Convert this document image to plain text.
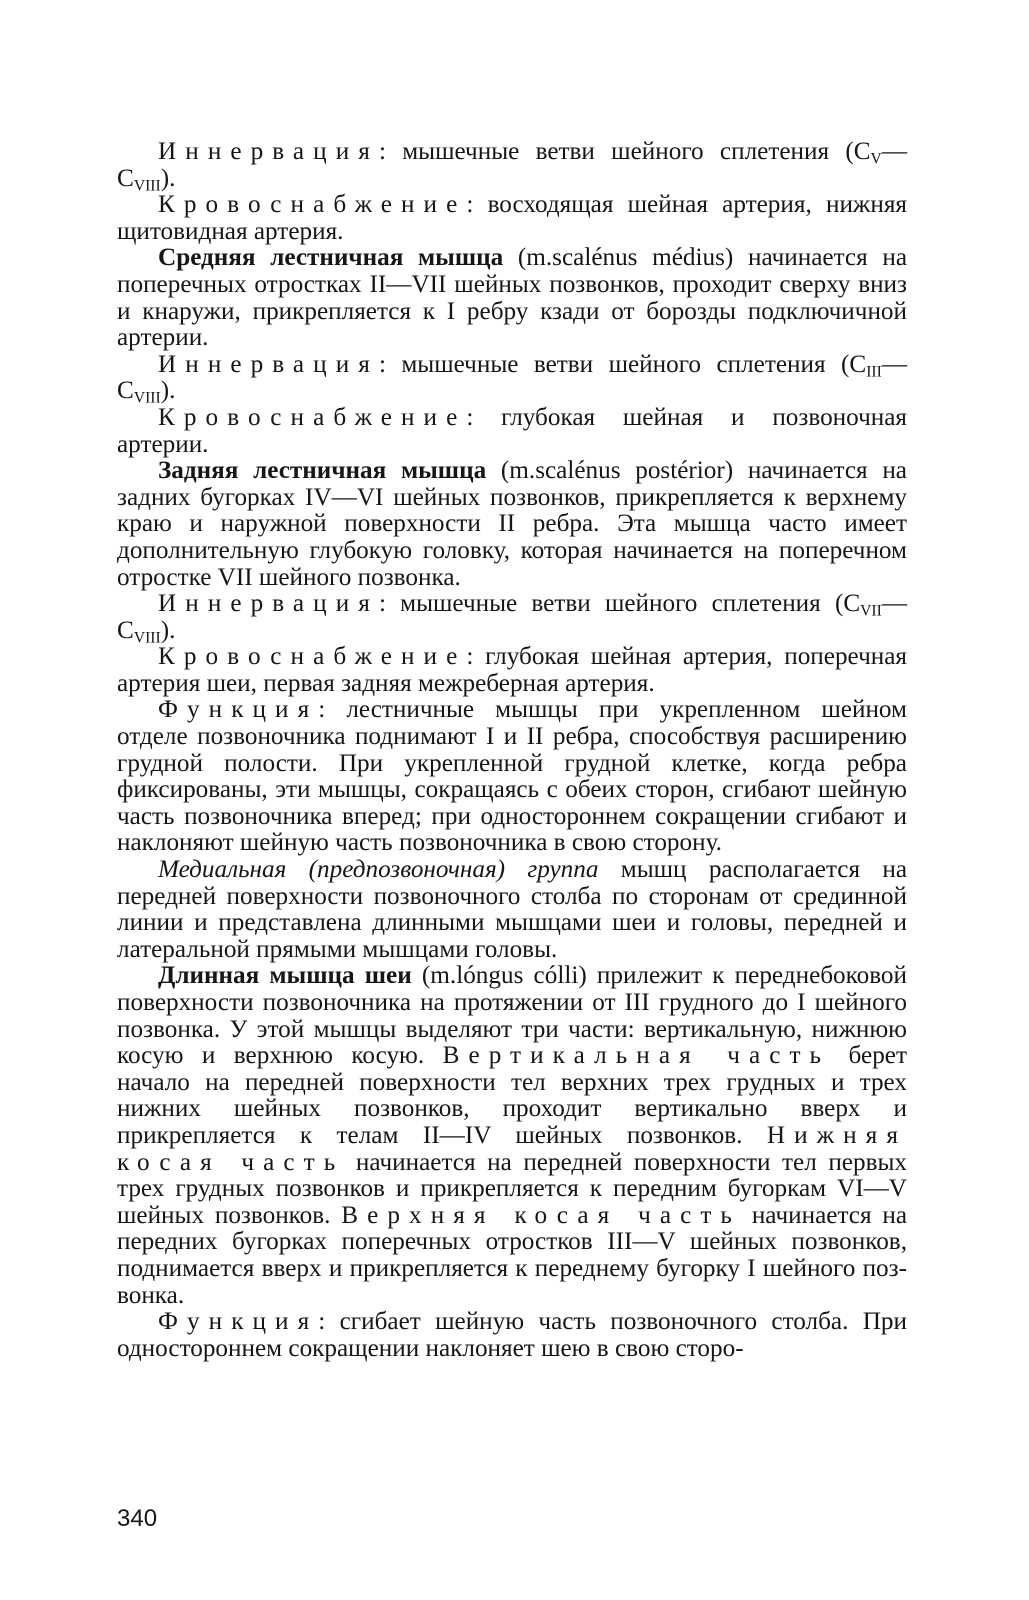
Иннервация: мышечные ветви шейного сплетения $(C_V—C_{VIII})$.

Кровоснабжение: восходящая шейная артерия, нижняя щитовидная артерия.

Средняя лестничная мышца (m.scalénus médius) начинается на поперечных отростках II—VII шейных позвонков, проходит сверху вниз и кнаружи, прикрепляется к I ребру кзади от борозды подключичной артерии.

Иннервация: мышечные ветви шейного сплетения $(C_{III}—C_{VIII})$.

Кровоснабжение: глубокая шейная и позвоночная артерии.

Задняя лестничная мышца (m.scalénus postérior) начинается на задних бугорках IV—VI шейных позвонков, прикрепляется к верхнему краю и наружной поверхности II ребра. Эта мышца часто имеет дополнительную глубокую головку, которая начинается на поперечном отростке VII шейного позвонка.

Иннервация: мышечные ветви шейного сплетения $(C_{VII}—C_{VIII})$.

Кровоснабжение: глубокая шейная артерия, поперечная артерия шеи, первая задняя межреберная артерия.

Функция: лестничные мышцы при укрепленном шейном отделе позвоночника поднимают I и II ребра, способствуя расширению грудной полости. При укрепленной грудной клетке, когда ребра фиксированы, эти мышцы, сокращаясь с обеих сторон, сгибают шейную часть позвоночника вперед; при одностороннем сокращении сгибают и наклоняют шейную часть позвоночника в свою сторону.

Медиальная (предпозвоночная) группа мышц располагается на передней поверхности позвоночного столба по сторонам от срединной линии и представлена длинными мышцами шеи и головы, передней и латеральной прямыми мышцами головы.

Длинная мышца шеи (m.lóngus cólli) прилежит к переднебоковой поверхности позвоночника на протяжении от III грудного до I шейного позвонка. У этой мышцы выделяют три части: вертикальную, нижнюю косую и верхнюю косую. Вертикальная часть берет начало на передней поверхности тел верхних трех грудных и трех нижних шейных позвонков, проходит вертикально вверх и прикрепляется к телам II—IV шейных позвонков. Нижняя косая часть начинается на передней поверхности тел первых трех грудных позвонков и прикрепляется к передним бугоркам VI—V шейных позвонков. Верхняя косая часть начинается на передних бугорках поперечных отростков III—V шейных позвонков, поднимается вверх и прикрепляется к переднему бугорку I шейного позвонка.

Функция: сгибает шейную часть позвоночного столба. При одностороннем сокращении наклоняет шею в свою сторо-

340
